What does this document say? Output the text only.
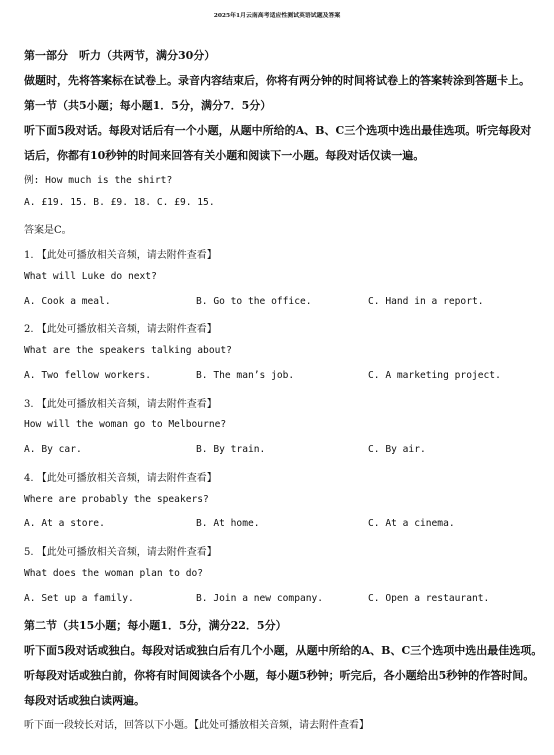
2025年1月云南高考适应性测试英语试题及答案
第一部分　听力（共两节，满分30分）
做题时，先将答案标在试卷上。录音内容结束后，你将有两分钟的时间将试卷上的答案转涂到答题卡上。
第一节（共5小题；每小题1．5分，满分7．5分）
听下面5段对话。每段对话后有一个小题，从题中所给的A、B、C三个选项中选出最佳选项。听完每段对
话后，你都有10秒钟的时间来回答有关小题和阅读下一小题。每段对话仅读一遍。
例: How much is the shirt?
A. £19. 15. B. £9. 18. C. £9. 15.
答案是C。
1. 【此处可播放相关音频，请去附件查看】
What will Luke do next?
A. Cook a meal.	B. Go to the office.	C. Hand in a report.
2. 【此处可播放相关音频，请去附件查看】
What are the speakers talking about?
A. Two fellow workers.	B. The man’s job.	C. A marketing project.
3. 【此处可播放相关音频，请去附件查看】
How will the woman go to Melbourne?
A. By car.	B. By train.	C. By air.
4. 【此处可播放相关音频，请去附件查看】
Where are probably the speakers?
A. At a store.	B. At home.	C. At a cinema.
5. 【此处可播放相关音频，请去附件查看】
What does the woman plan to do?
A. Set up a family.	B. Join a new company.	C. Open a restaurant.
第二节（共15小题；每小题1．5分，满分22．5分）
听下面5段对话或独白。每段对话或独白后有几个小题，从题中所给的A、B、C三个选项中选出最佳选项。
听每段对话或独白前，你将有时间阅读各个小题，每小题5秒钟；听完后，各小题给出5秒钟的作答时间。
每段对话或独白读两遍。
听下面一段较长对话，回答以下小题。【此处可播放相关音频，请去附件查看】
